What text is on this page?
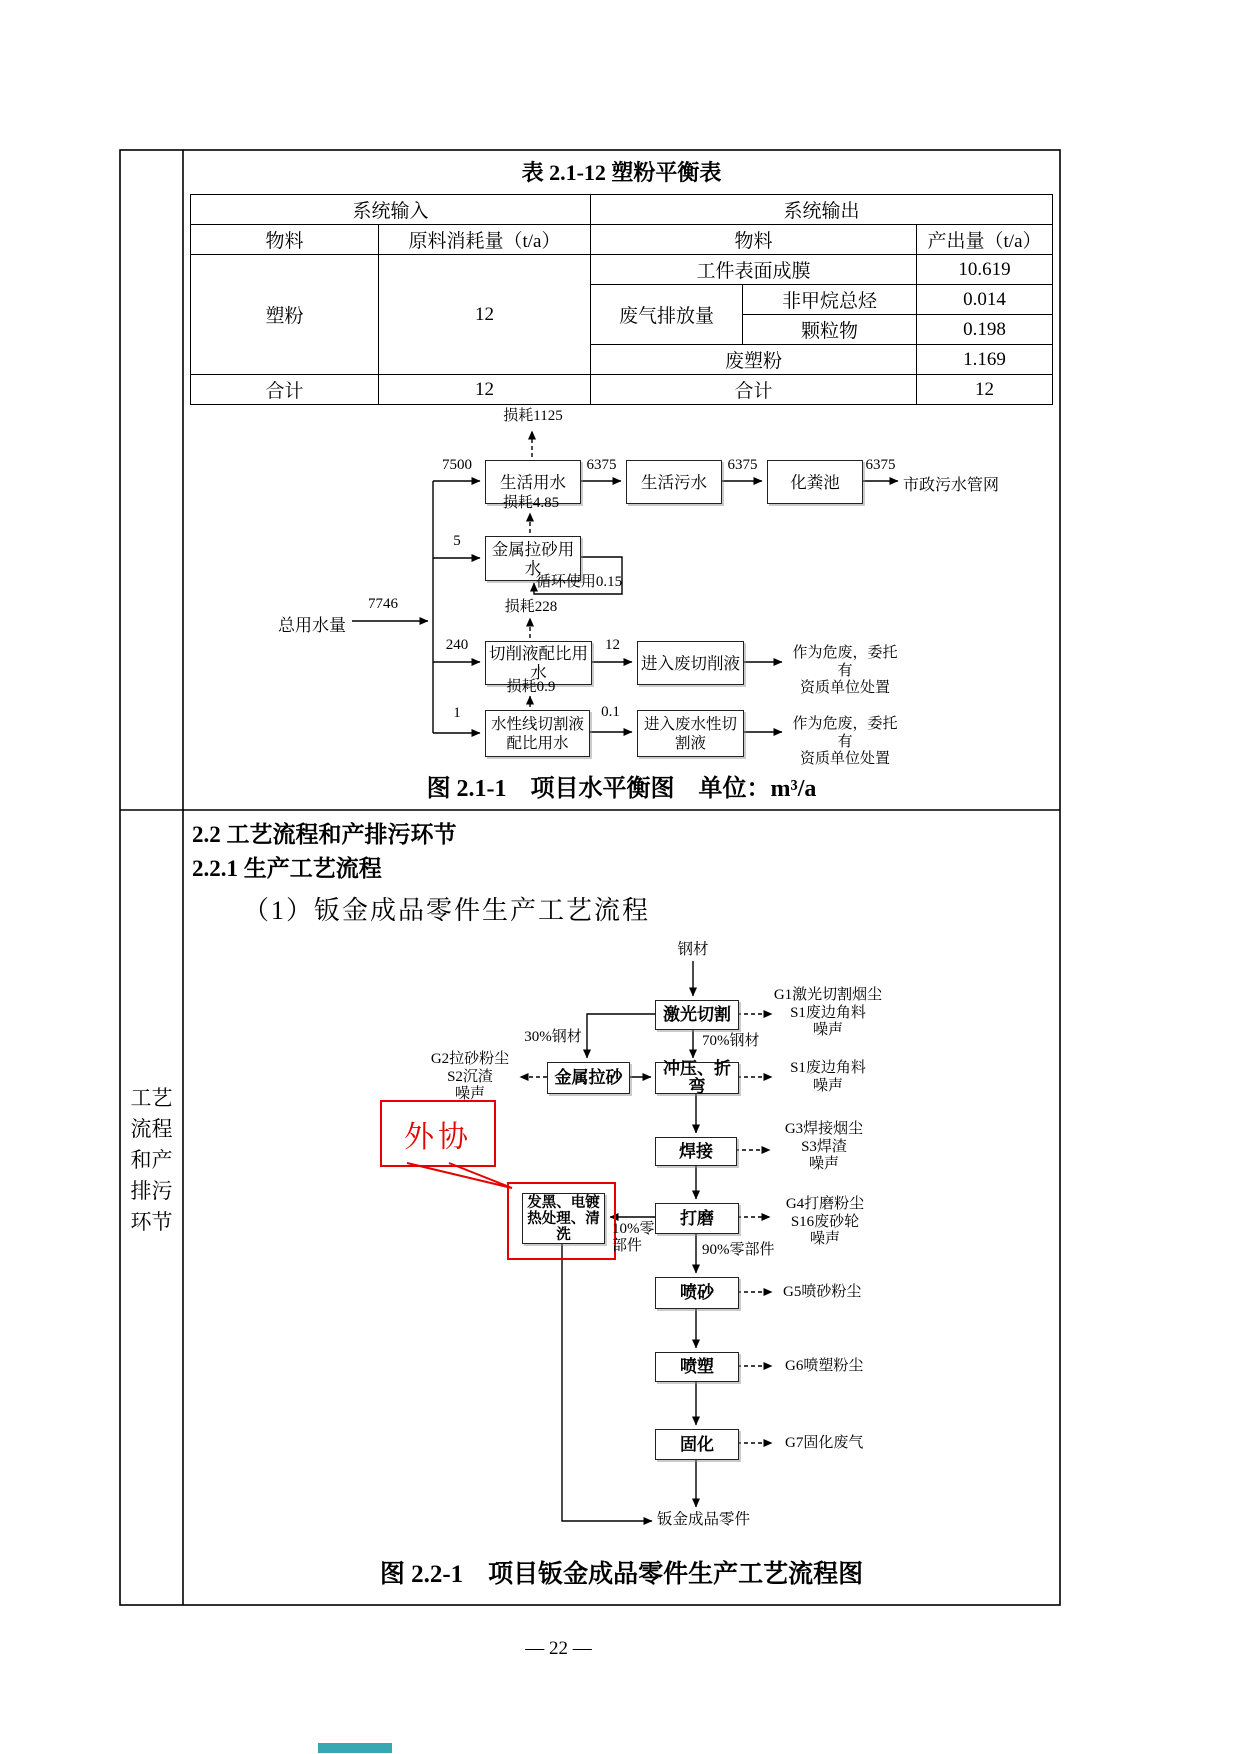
表 2.1-12 塑粉平衡表
系统输入		系统输出		
物料	原料消耗量（t/a）	物料		产出量（t/a）
塑粉	12	工件表面成膜		10.619
		废气排放量	非甲烷总烃	0.014
			颗粒物	0.198
		废塑粉		1.169
合计	12	合计		12
生活用水	生活污水	化粪池	市政污水管网
金属拉砂用水
切削液配比用水	进入废切削液
水性线切割液配比用水
进入废水性切割液
总用水量
7746
7500	6375	6375	6375
5
240	12
1	0.1
损耗1125
损耗4.85
损耗228
损耗0.9
循环使用0.15
作为危废，委托有
资质单位处置
作为危废，委托有
资质单位处置
图 2.1-1　项目水平衡图　单位：m³/a
2.2 工艺流程和产排污环节
2.2.1 生产工艺流程
（1）钣金成品零件生产工艺流程
工艺
流程
和产
排污
环节
钢材
激光切割
金属拉砂	冲压、折弯
焊接
打磨
喷砂
喷塑
固化
发黑、电镀热处理、清洗
外协
30%钢材	70%钢材
10%零部件	90%零部件
G1激光切割烟尘
S1废边角料
噪声
G2拉砂粉尘
S2沉渣
噪声
S1废边角料
噪声
G3焊接烟尘
S3焊渣
噪声
G4打磨粉尘
S16废砂轮
噪声
G5喷砂粉尘
G6喷塑粉尘
G7固化废气
钣金成品零件
图 2.2-1　项目钣金成品零件生产工艺流程图
— 22 —
